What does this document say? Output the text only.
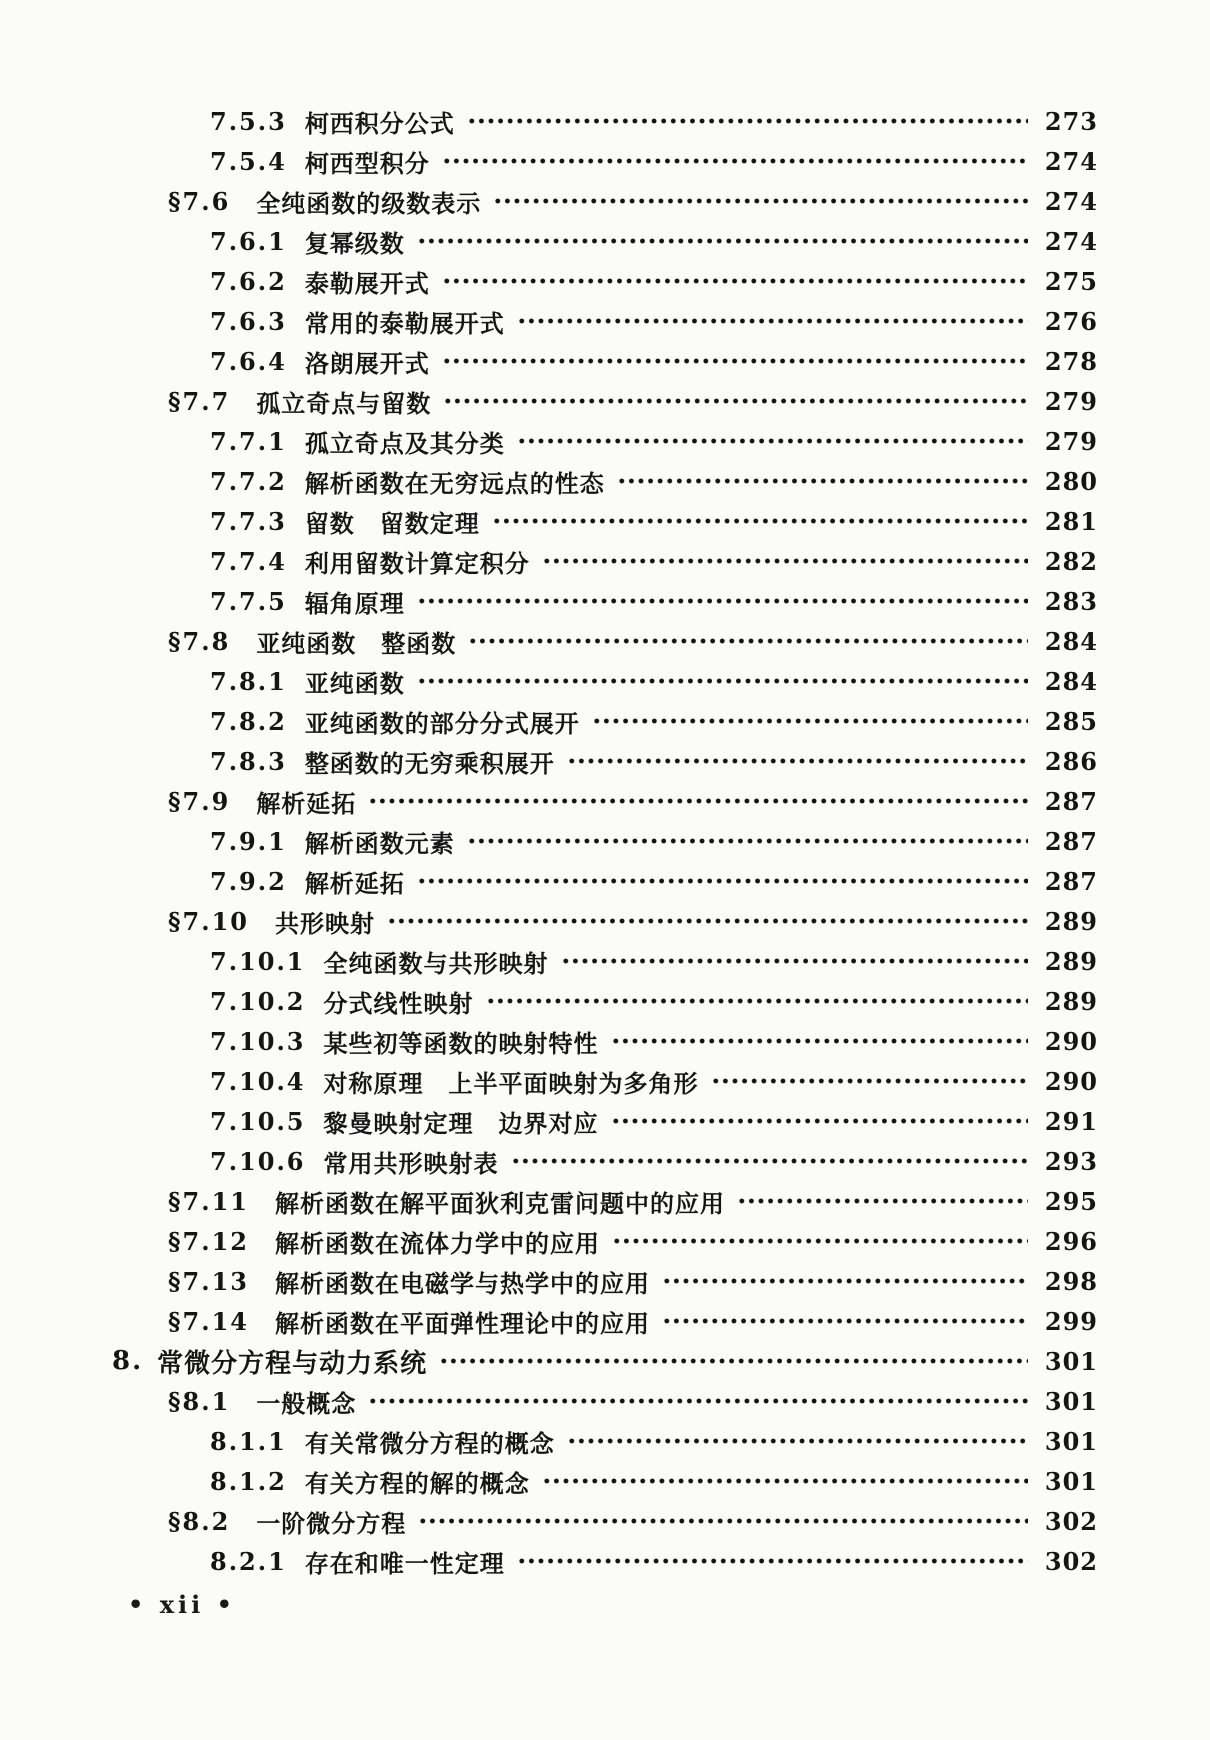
7.5.3 柯西积分公式	273
7.5.4 柯西型积分	274
§7.6 全纯函数的级数表示	274
7.6.1 复幂级数	274
7.6.2 泰勒展开式	275
7.6.3 常用的泰勒展开式	276
7.6.4 洛朗展开式	278
§7.7 孤立奇点与留数	279
7.7.1 孤立奇点及其分类	279
7.7.2 解析函数在无穷远点的性态	280
7.7.3 留数　留数定理	281
7.7.4 利用留数计算定积分	282
7.7.5 辐角原理	283
§7.8 亚纯函数　整函数	284
7.8.1 亚纯函数	284
7.8.2 亚纯函数的部分分式展开	285
7.8.3 整函数的无穷乘积展开	286
§7.9 解析延拓	287
7.9.1 解析函数元素	287
7.9.2 解析延拓	287
§7.10 共形映射	289
7.10.1 全纯函数与共形映射	289
7.10.2 分式线性映射	289
7.10.3 某些初等函数的映射特性	290
7.10.4 对称原理　上半平面映射为多角形	290
7.10.5 黎曼映射定理　边界对应	291
7.10.6 常用共形映射表	293
§7.11 解析函数在解平面狄利克雷问题中的应用	295
§7.12 解析函数在流体力学中的应用	296
§7.13 解析函数在电磁学与热学中的应用	298
§7.14 解析函数在平面弹性理论中的应用	299
8. 常微分方程与动力系统	301
§8.1 一般概念	301
8.1.1 有关常微分方程的概念	301
8.1.2 有关方程的解的概念	301
§8.2 一阶微分方程	302
8.2.1 存在和唯一性定理	302
• xii •
